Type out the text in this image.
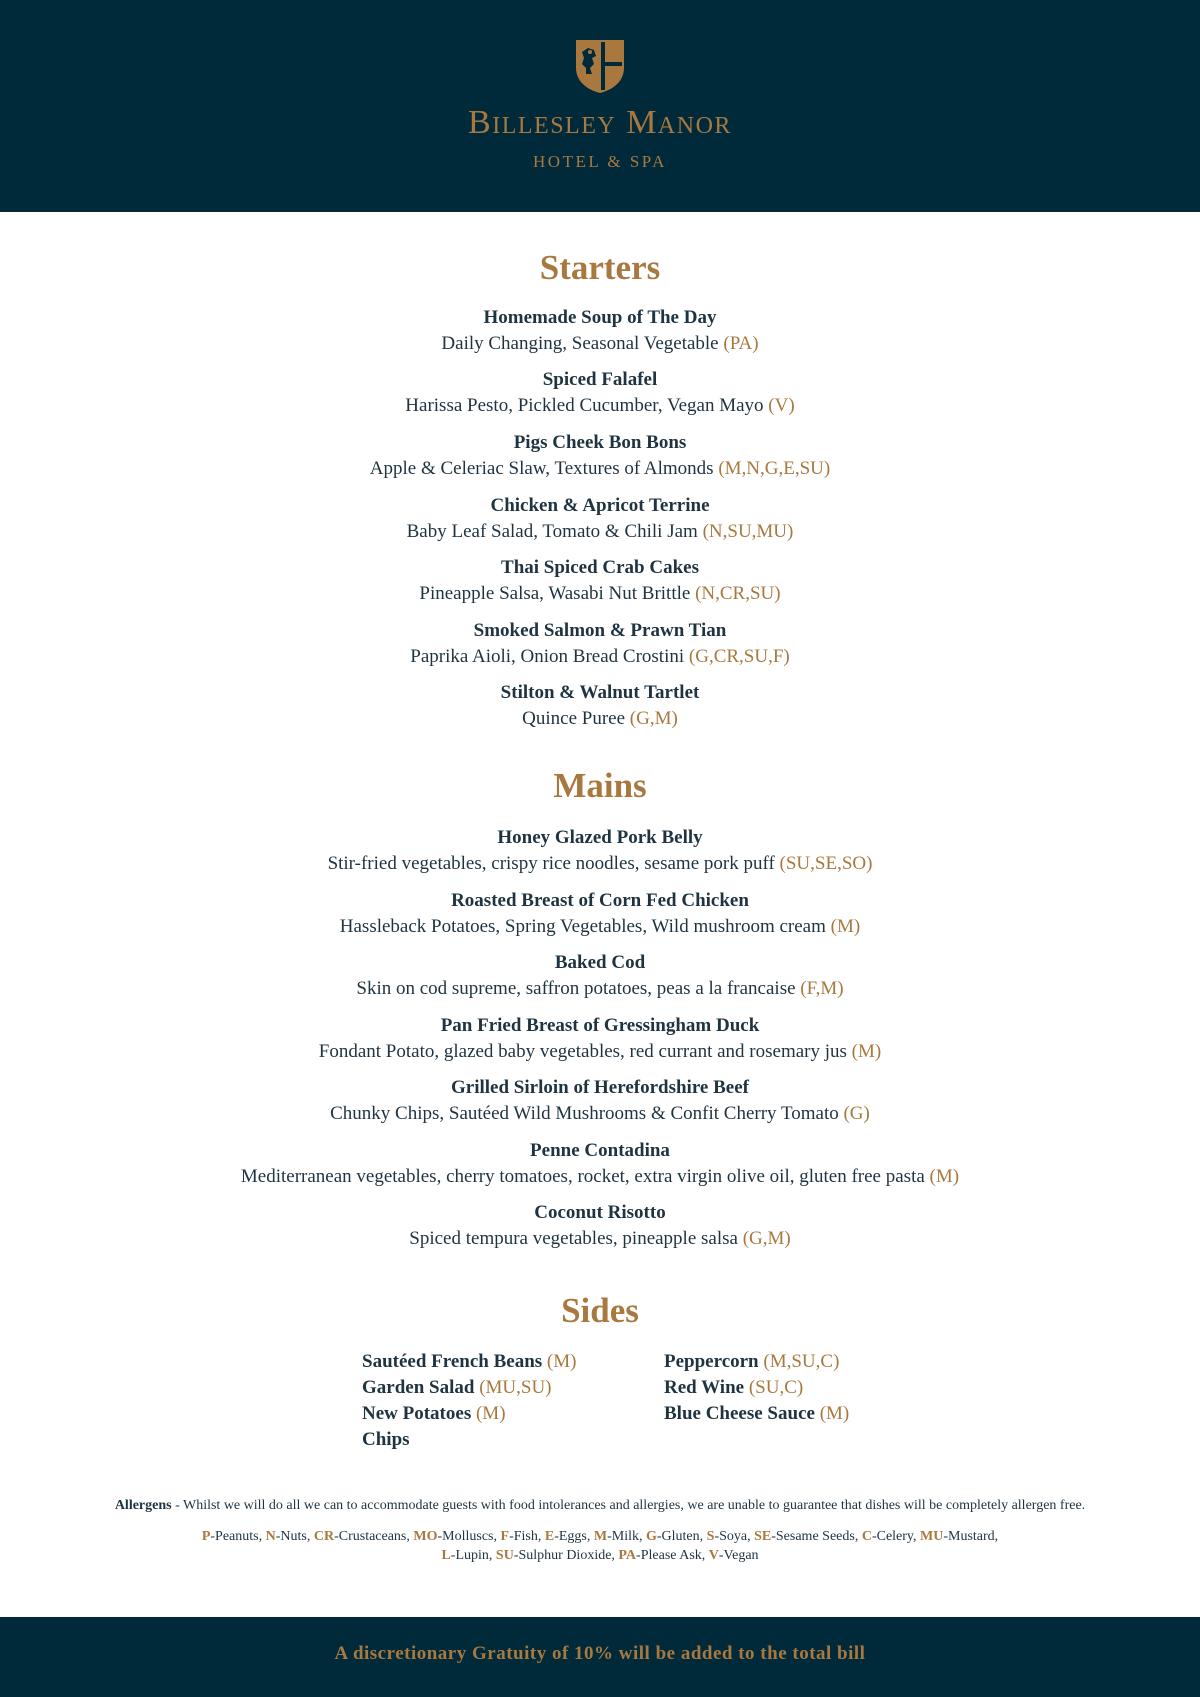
Billesley Manor
HOTEL & SPA
Starters
Homemade Soup of The Day
Daily Changing, Seasonal Vegetable (PA)
Spiced Falafel
Harissa Pesto, Pickled Cucumber, Vegan Mayo (V)
Pigs Cheek Bon Bons
Apple & Celeriac Slaw, Textures of Almonds (M,N,G,E,SU)
Chicken & Apricot Terrine
Baby Leaf Salad, Tomato & Chili Jam (N,SU,MU)
Thai Spiced Crab Cakes
Pineapple Salsa, Wasabi Nut Brittle (N,CR,SU)
Smoked Salmon & Prawn Tian
Paprika Aioli, Onion Bread Crostini (G,CR,SU,F)
Stilton & Walnut Tartlet
Quince Puree (G,M)
Mains
Honey Glazed Pork Belly
Stir-fried vegetables, crispy rice noodles, sesame pork puff (SU,SE,SO)
Roasted Breast of Corn Fed Chicken
Hassleback Potatoes, Spring Vegetables, Wild mushroom cream (M)
Baked Cod
Skin on cod supreme, saffron potatoes, peas a la francaise (F,M)
Pan Fried Breast of Gressingham Duck
Fondant Potato, glazed baby vegetables, red currant and rosemary jus (M)
Grilled Sirloin of Herefordshire Beef
Chunky Chips, Sautéed Wild Mushrooms & Confit Cherry Tomato (G)
Penne Contadina
Mediterranean vegetables, cherry tomatoes, rocket, extra virgin olive oil, gluten free pasta (M)
Coconut Risotto
Spiced tempura vegetables, pineapple salsa (G,M)
Sides
Sautéed French Beans (M)
Garden Salad (MU,SU)
New Potatoes (M)
Chips
Peppercorn (M,SU,C)
Red Wine (SU,C)
Blue Cheese Sauce (M)
Allergens - Whilst we will do all we can to accommodate guests with food intolerances and allergies, we are unable to guarantee that dishes will be completely allergen free.
P-Peanuts, N-Nuts, CR-Crustaceans, MO-Molluscs, F-Fish, E-Eggs, M-Milk, G-Gluten, S-Soya, SE-Sesame Seeds, C-Celery, MU-Mustard,
L-Lupin, SU-Sulphur Dioxide, PA-Please Ask, V-Vegan
A discretionary Gratuity of 10% will be added to the total bill
